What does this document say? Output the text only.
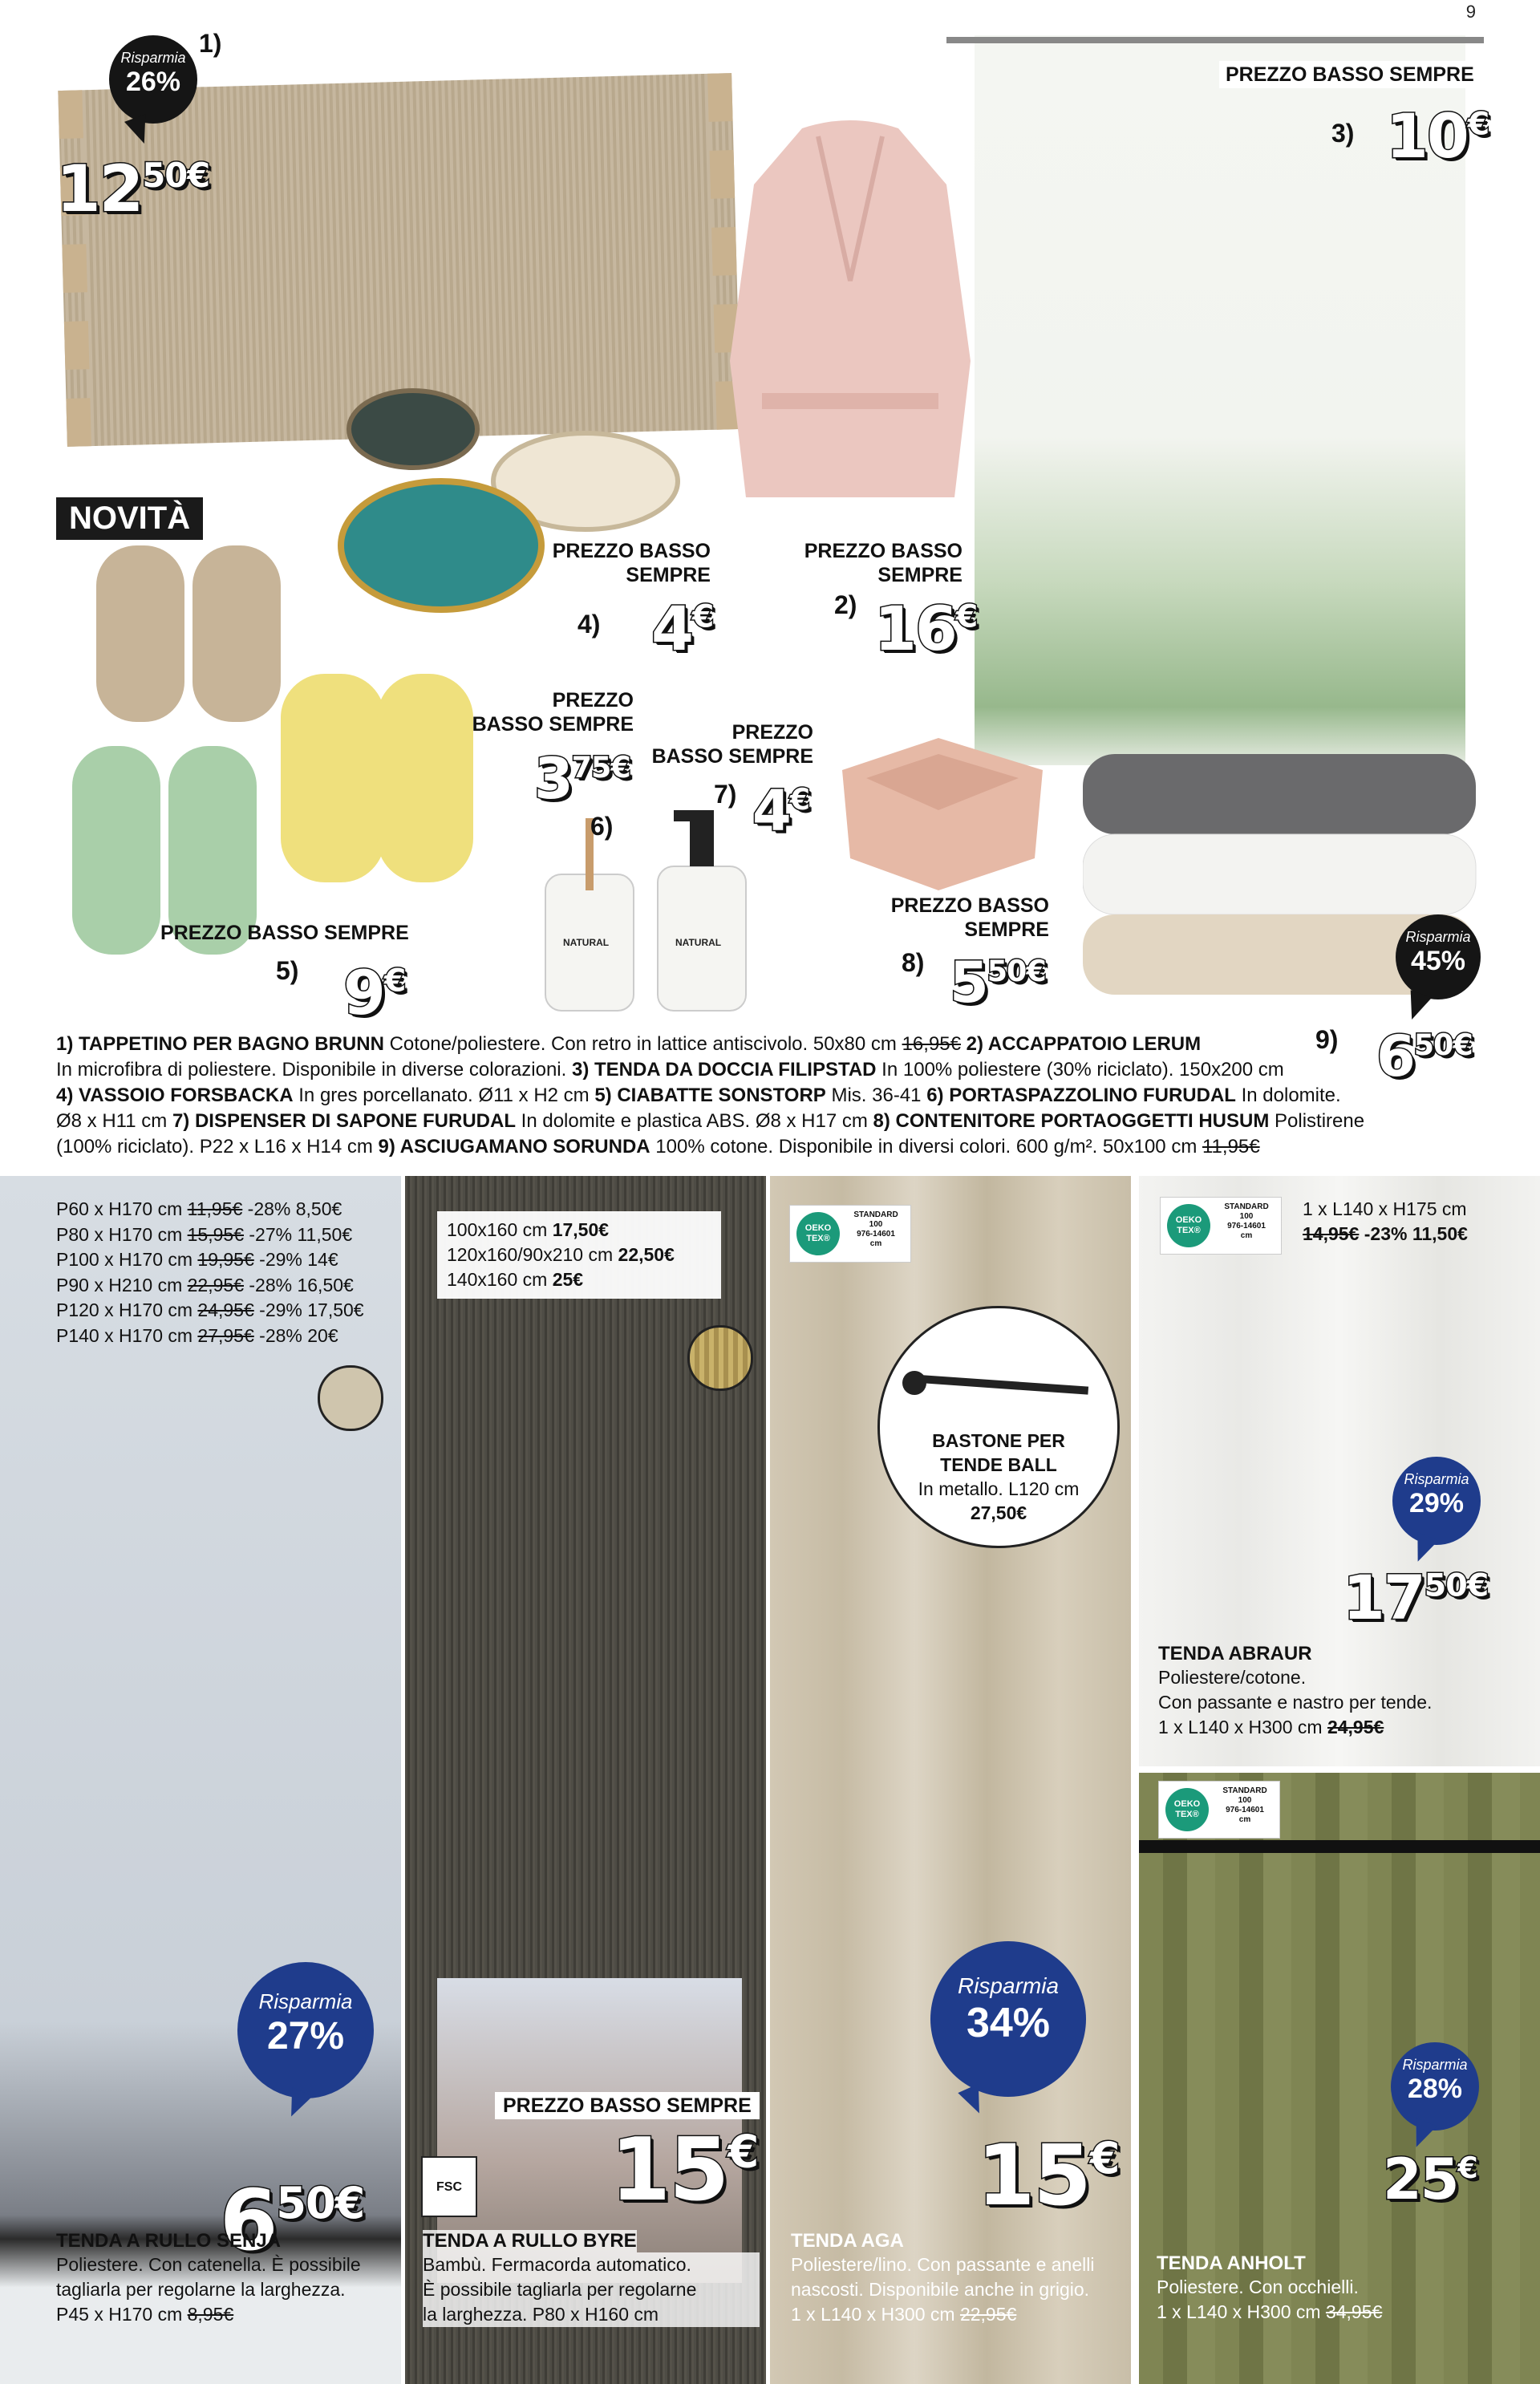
9
NATURAL	NATURAL
NOVITÀ
1)
Risparmia
26%
$12^{50€}$
PREZZO BASSO SEMPRE
3) 10€
PREZZO BASSO
SEMPRE
4) 4€
PREZZO BASSO
SEMPRE
2) 16€
PREZZO
BASSO SEMPRE
$3^{75€}$
6)
PREZZO
BASSO SEMPRE
7) 4€
PREZZO BASSO SEMPRE
5) 9€
PREZZO BASSO
SEMPRE
8) $5^{50€}$
Risparmia
45%
9) $6^{50€}$
1) TAPPETINO PER BAGNO BRUNN Cotone/poliestere. Con retro in lattice antiscivolo. 50x80 cm 16,95€ 2) ACCAPPATOIO LERUM
In microfibra di poliestere. Disponibile in diverse colorazioni. 3) TENDA DA DOCCIA FILIPSTAD In 100% poliestere (30% riciclato). 150x200 cm
4) VASSOIO FORSBACKA In gres porcellanato. Ø11 x H2 cm 5) CIABATTE SONSTORP Mis. 36-41 6) PORTASPAZZOLINO FURUDAL In dolomite.
Ø8 x H11 cm 7) DISPENSER DI SAPONE FURUDAL In dolomite e plastica ABS. Ø8 x H17 cm 8) CONTENITORE PORTAOGGETTI HUSUM Polistirene
(100% riciclato). P22 x L16 x H14 cm 9) ASCIUGAMANO SORUNDA 100% cotone. Disponibile in diversi colori. 600 g/m². 50x100 cm 11,95€
P60 x H170 cm 11,95€ -28% 8,50€
P80 x H170 cm 15,95€ -27% 11,50€
P100 x H170 cm 19,95€ -29% 14€
P90 x H210 cm 22,95€ -28% 16,50€
P120 x H170 cm 24,95€ -29% 17,50€
P140 x H170 cm 27,95€ -28% 20€
Risparmia
27%
$6^{50€}$
TENDA A RULLO SENJA
Poliestere. Con catenella. È possibile
tagliarla per regolarne la larghezza.
P45 x H170 cm 8,95€
100x160 cm 17,50€
120x160/90x210 cm 22,50€
140x160 cm 25€
PREZZO BASSO SEMPRE
FSC 15€
TENDA A RULLO BYRE
Bambù. Fermacorda automatico.
È possibile tagliarla per regolarne
la larghezza. P80 x H160 cm
OEKO
TEX®
STANDARD
100
976-14601
cm
BASTONE PER
TENDE BALL
In metallo. L120 cm
27,50€
Risparmia
34%
15€
TENDA AGA
Poliestere/lino. Con passante e anelli
nascosti. Disponibile anche in grigio.
1 x L140 x H300 cm 22,95€
OEKO
TEX®
STANDARD
100
976-14601
cm
1 x L140 x H175 cm
14,95€ -23% 11,50€
Risparmia
29%
$17^{50€}$
TENDA ABRAUR
Poliestere/cotone.
Con passante e nastro per tende.
1 x L140 x H300 cm 24,95€
OEKO
TEX®
STANDARD
100
976-14601
cm
Risparmia
28%
25€
TENDA ANHOLT
Poliestere. Con occhielli.
1 x L140 x H300 cm 34,95€
